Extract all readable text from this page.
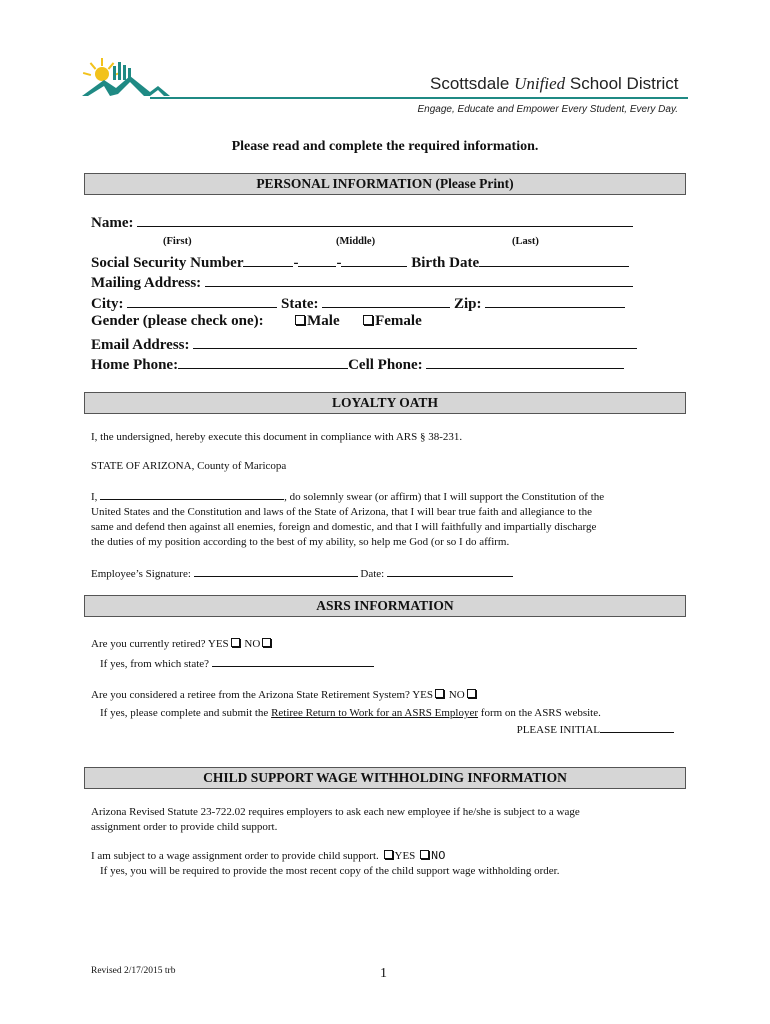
Scottsdale Unified School District
Engage, Educate and Empower Every Student, Every Day.
Please read and complete the required information.
PERSONAL INFORMATION (Please Print)
Name:
(First)	(Middle)	(Last)
Social Security Number	-	-	Birth Date
Mailing Address:
City:	State:	Zip:
Gender (please check one):	Male Female
Email Address:
Home Phone:	Cell Phone:
LOYALTY OATH
I, the undersigned, hereby execute this document in compliance with ARS § 38-231.
STATE OF ARIZONA, County of Maricopa
I,	, do solemnly swear (or affirm) that I will support the Constitution of the
United States and the Constitution and laws of the State of Arizona, that I will bear true faith and allegiance to the
same and defend then against all enemies, foreign and domestic, and that I will faithfully and impartially discharge
the duties of my position according to the best of my ability, so help me God (or so I do affirm.
Employee’s Signature:	Date:
ASRS INFORMATION
Are you currently retired? YES NO
If yes, from which state?
Are you considered a retiree from the Arizona State Retirement System? YES NO
If yes, please complete and submit the Retiree Return to Work for an ASRS Employer form on the ASRS website.
PLEASE INITIAL
CHILD SUPPORT WAGE WITHHOLDING INFORMATION
Arizona Revised Statute 23-722.02 requires employers to ask each new employee if he/she is subject to a wage
assignment order to provide child support.
I am subject to a wage assignment order to provide child support. YES NO
If yes, you will be required to provide the most recent copy of the child support wage withholding order.
Revised 2/17/2015 trb	1
